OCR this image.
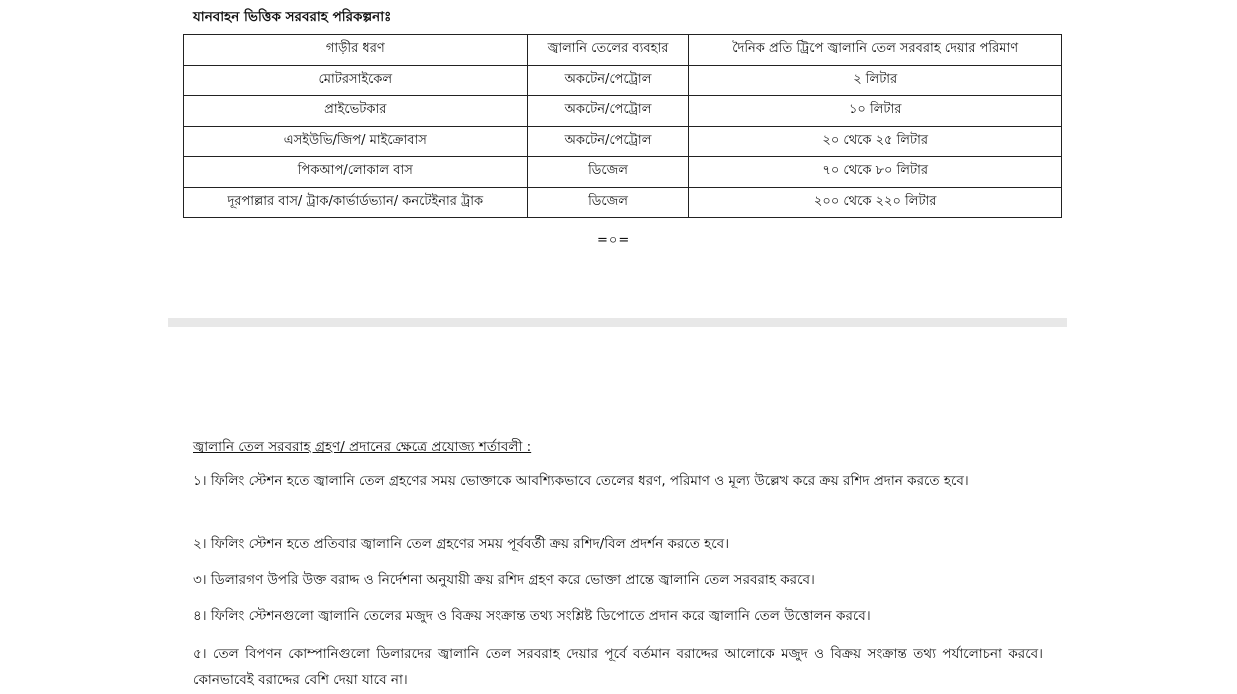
যানবাহন ভিত্তিক সরবরাহ পরিকল্পনাঃ
গাড়ীর ধরণ	জ্বালানি তেলের ব্যবহার	দৈনিক প্রতি ট্রিপে জ্বালানি তেল সরবরাহ দেয়ার পরিমাণ
মোটরসাইকেল	অকটেন/পেট্রোল	২ লিটার
প্রাইভেটকার	অকটেন/পেট্রোল	১০ লিটার
এসইউভি/জিপ/ মাইক্রোবাস	অকটেন/পেট্রোল	২০ থেকে ২৫ লিটার
পিকআপ/লোকাল বাস	ডিজেল	৭০ থেকে ৮০ লিটার
দূরপাল্লার বাস/ ট্রাক/কার্ভার্ডভ্যান/ কনটেইনার ট্রাক	ডিজেল	২০০ থেকে ২২০ লিটার
=০=
জ্বালানি তেল সরবরাহ গ্রহণ/ প্রদানের ক্ষেত্রে প্রযোজ্য শর্তাবলী :
১। ফিলিং স্টেশন হতে জ্বালানি তেল গ্রহণের সময় ভোক্তাকে আবশ্যিকভাবে তেলের ধরণ, পরিমাণ ও মূল্য উল্লেখ করে ক্রয় রশিদ প্রদান করতে হবে।
২। ফিলিং স্টেশন হতে প্রতিবার জ্বালানি তেল গ্রহণের সময় পূর্ববর্তী ক্রয় রশিদ/বিল প্রদর্শন করতে হবে।
৩। ডিলারগণ উপরি উক্ত বরাদ্দ ও নির্দেশনা অনুযায়ী ক্রয় রশিদ গ্রহণ করে ভোক্তা প্রান্তে জ্বালানি তেল সরবরাহ করবে।
৪। ফিলিং স্টেশনগুলো জ্বালানি তেলের মজুদ ও বিক্রয় সংক্রান্ত তথ্য সংশ্লিষ্ট ডিপোতে প্রদান করে জ্বালানি তেল উত্তোলন করবে।
৫। তেল বিপণন কোম্পানিগুলো ডিলারদের জ্বালানি তেল সরবরাহ দেয়ার পূর্বে বর্তমান বরাদ্দের আলোকে মজুদ ও বিক্রয় সংক্রান্ত তথ্য পর্যালোচনা করবে। কোনভাবেই বরাদ্দের বেশি দেয়া যাবে না।
